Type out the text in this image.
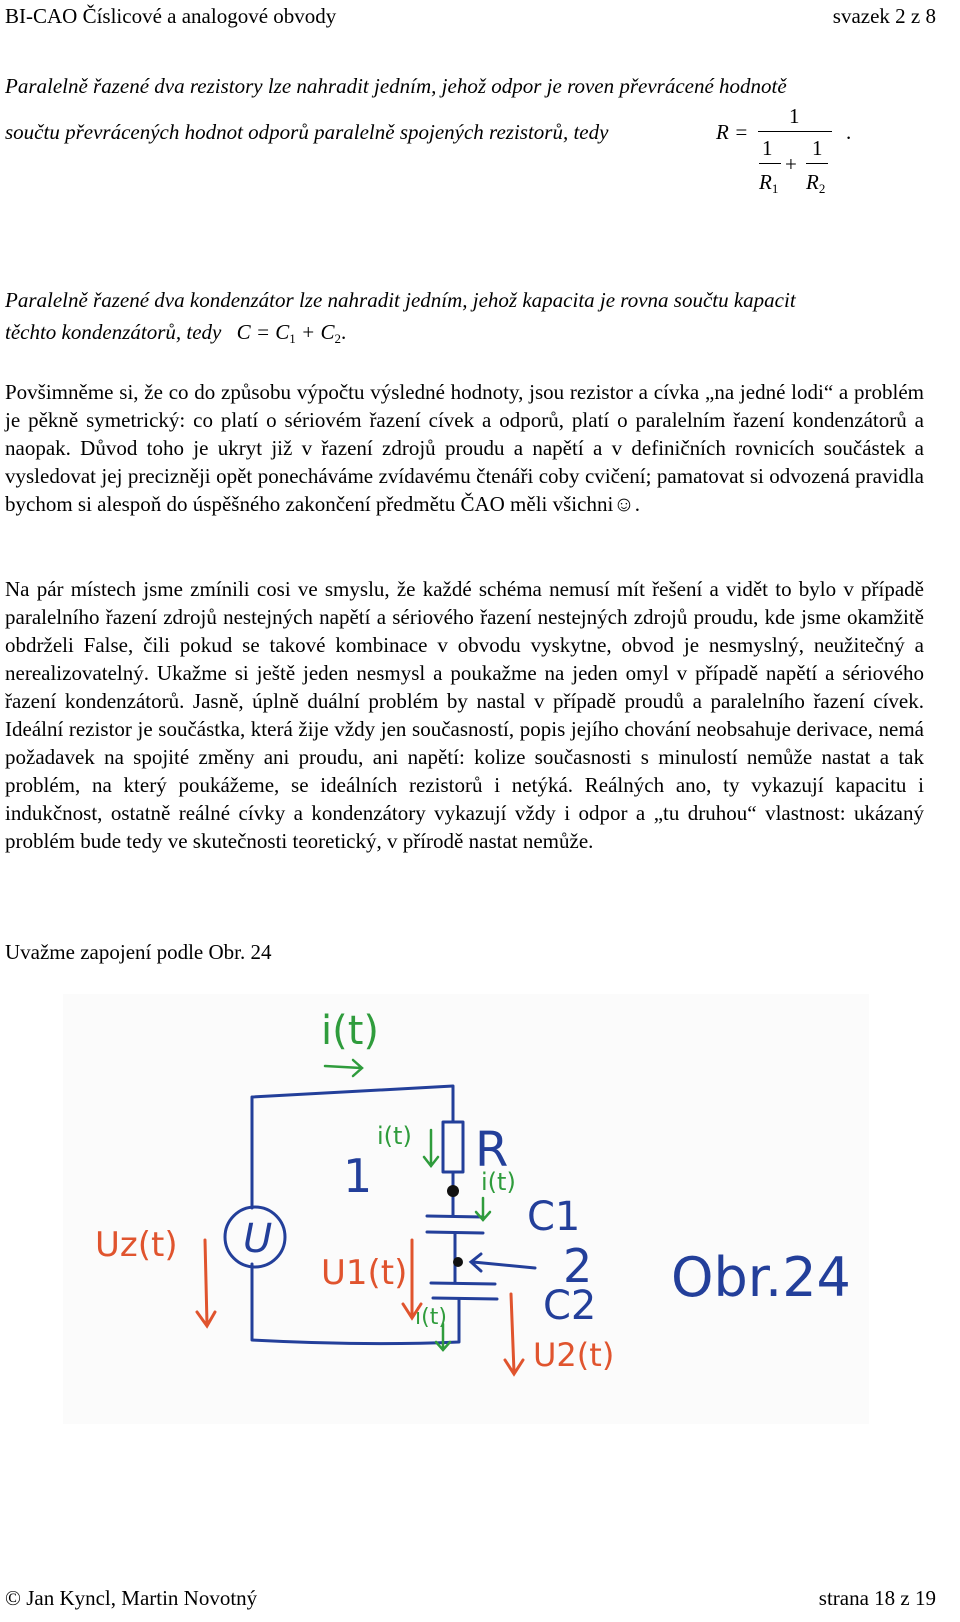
BI-CAO Číslicové a analogové obvody	svazek 2 z 8
Paralelně řazené dva rezistory lze nahradit jedním, jehož odpor je roven převrácené hodnotě
součtu převrácených hodnot odporů paralelně spojených rezistorů, tedy	R =
1
1 1
+
$R_1$ $R_2$
.
Paralelně řazené dva kondenzátor lze nahradit jedním, jehož kapacita je rovna součtu kapacit
těchto kondenzátorů, tedy $C = C_1 + C_2$.

Povšimněme si, že co do způsobu výpočtu výsledné hodnoty, jsou rezistor a cívka „na jedné lodi“ a problém je pěkně symetrický: co platí o sériovém řazení cívek a odporů, platí o paralelním řazení kondenzátorů a naopak. Důvod toho je ukryt již v řazení zdrojů proudu a napětí a v definičních rovnicích součástek a vysledovat jej precizněji opět ponecháváme zvídavému čtenáři coby cvičení; pamatovat si odvozená pravidla bychom si alespoň do úspěšného zakončení předmětu ČAO měli všichni☺.

Na pár místech jsme zmínili cosi ve smyslu, že každé schéma nemusí mít řešení a vidět to bylo v případě paralelního řazení zdrojů nestejných napětí a sériového řazení nestejných zdrojů proudu, kde jsme okamžitě obdrželi False, čili pokud se takové kombinace v obvodu vyskytne, obvod je nesmyslný, neužitečný a nerealizovatelný. Ukažme si ještě jeden nesmysl a poukažme na jeden omyl v případě napětí a sériového řazení kondenzátorů. Jasně, úplně duální problém by nastal v případě proudů a paralelního řazení cívek. Ideální rezistor je součástka, která žije vždy jen současností, popis jejího chování neobsahuje derivace, nemá požadavek na spojité změny ani proudu, ani napětí: kolize současnosti s minulostí nemůže nastat a tak problém, na který poukážeme, se ideálních rezistorů i netýká. Reálných ano, ty vykazují kapacitu i indukčnost, ostatně reálné cívky a kondenzátory vykazují vždy i odpor a „tu druhou“ vlastnost: ukázaný problém bude tedy ve skutečnosti teoretický, v přírodě nastat nemůže.

Uvažme zapojení podle Obr. 24

U
1
2
R
C1
C2 Obr.24
i(t)
i(t)
i(t)
i(t)
Uz(t)
U1(t)
U2(t)
© Jan Kyncl, Martin Novotný	strana 18 z 19
